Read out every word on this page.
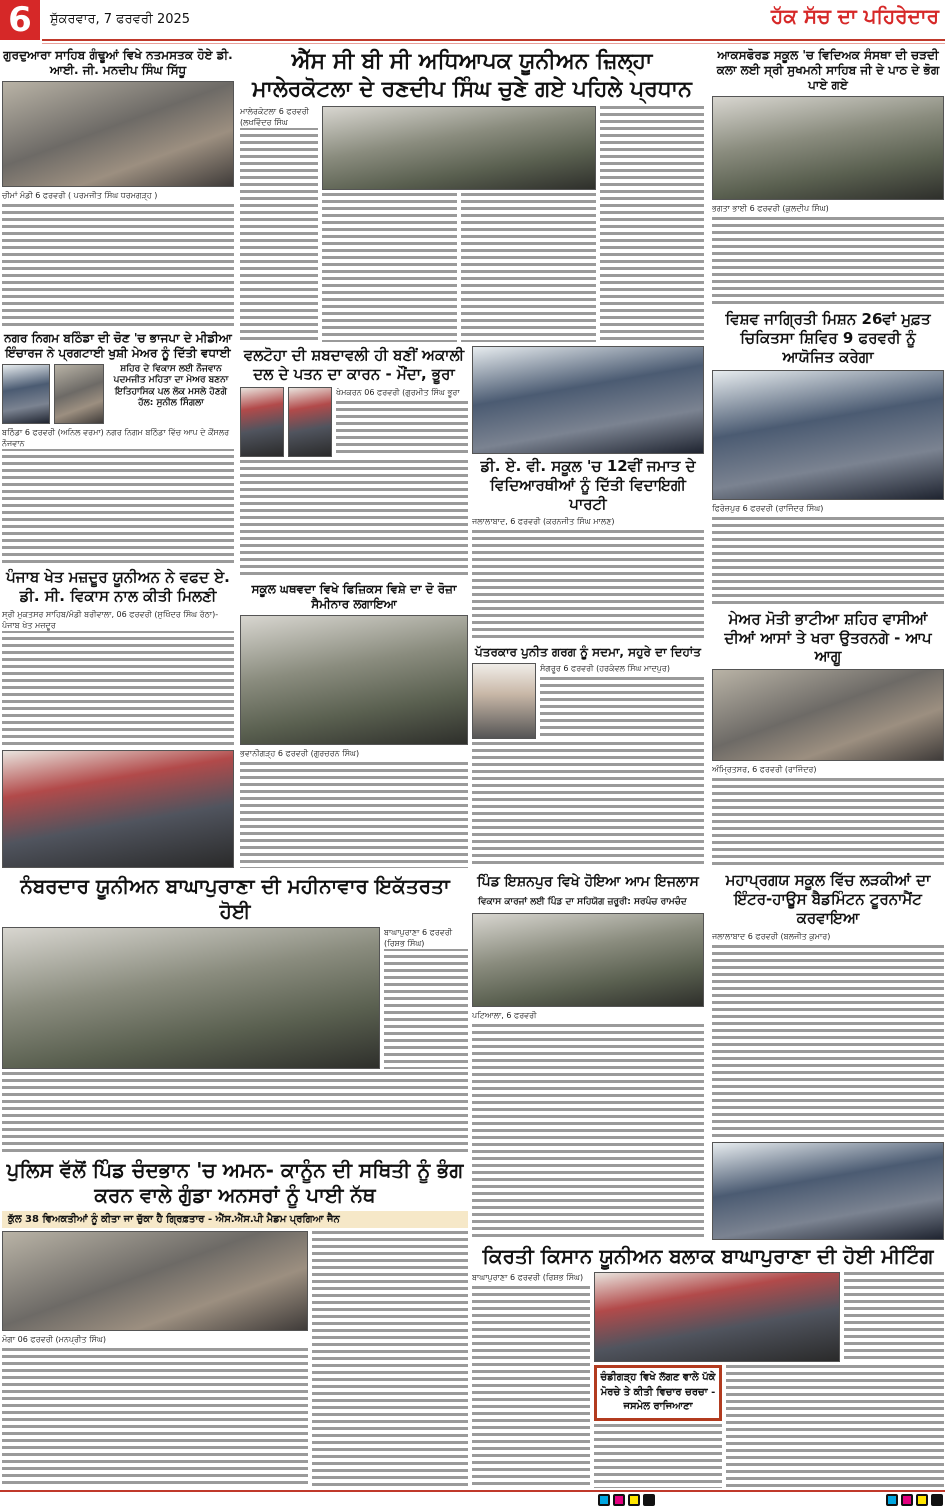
6	ਸ਼ੁੱਕਰਵਾਰ, 7 ਫਰਵਰੀ 2025	ਹੱਕ ਸੱਚ ਦਾ ਪਹਿਰੇਦਾਰ
ਗੁਰਦੁਆਰਾ ਸਾਹਿਬ ਗੰਢੂਆਂ ਵਿਖੇ ਨਤਮਸਤਕ ਹੋਏ ਡੀ. ਆਈ. ਜੀ. ਮਨਦੀਪ ਸਿੰਘ ਸਿੱਧੂ
ਚੀਮਾਂ ਮੰਡੀ 6 ਫਰਵਰੀ ( ਪਰਮਜੀਤ ਸਿੰਘ ਧਰਮਗੜ੍ਹ )
ਨਗਰ ਨਿਗਮ ਬਠਿੰਡਾ ਦੀ ਚੋਣ 'ਚ ਭਾਜਪਾ ਦੇ ਮੀਡੀਆ ਇੰਚਾਰਜ ਨੇ ਪ੍ਰਗਟਾਈ ਖੁਸ਼ੀ ਮੇਅਰ ਨੂੰ ਦਿੱਤੀ ਵਧਾਈ
ਸ਼ਹਿਰ ਦੇ ਵਿਕਾਸ ਲਈ ਨੌਜਵਾਨ ਪਦਮਜੀਤ ਮਹਿਤਾ ਦਾ ਮੇਅਰ ਬਣਨਾ ਇਤਿਹਾਸਿਕ ਪਲ ਲੋਕ ਮਸਲੇ ਹੋਣਗੇ ਹੱਲ: ਸੁਨੀਲ ਸਿੰਗਲਾ
ਬਠਿੰਡਾ 6 ਫਰਵਰੀ (ਅਨਿਲ ਵਰਮਾ) ਨਗਰ ਨਿਗਮ ਬਠਿੰਡਾ ਵਿੱਚ ਆਪ ਦੇ ਕੌਂਸਲਰ ਨੌਜਵਾਨ
ਪੰਜਾਬ ਖੇਤ ਮਜ਼ਦੂਰ ਯੂਨੀਅਨ ਨੇ ਵਫਦ ਏ. ਡੀ. ਸੀ. ਵਿਕਾਸ ਨਾਲ ਕੀਤੀ ਮਿਲਣੀ
ਸ੍ਰੀ ਮੁਕਤਸਰ ਸਾਹਿਬ/ਮੰਡੀ ਬਰੀਵਾਲਾ, 06 ਫਰਵਰੀ (ਸੁਖਿੰਦਰ ਸਿੰਘ ਰੱਠਾ)-ਪੰਜਾਬ ਖੇਤ ਮਜ਼ਦੂਰ
ਐੱਸ ਸੀ ਬੀ ਸੀ ਅਧਿਆਪਕ ਯੂਨੀਅਨ ਜ਼ਿਲ੍ਹਾ ਮਾਲੇਰਕੋਟਲਾ ਦੇ ਰਣਦੀਪ ਸਿੰਘ ਚੁਣੇ ਗਏ ਪਹਿਲੇ ਪ੍ਰਧਾਨ
ਮਾਲੇਰਕੋਟਲਾ 6 ਫਰਵਰੀ (ਲਖਵਿੰਦਰ ਸਿੰਘ
ਵਲਟੋਹਾ ਦੀ ਸ਼ਬਦਾਵਲੀ ਹੀ ਬਣੀਂ ਅਕਾਲੀ ਦਲ ਦੇ ਪਤਨ ਦਾ ਕਾਰਨ - ਮੌਂਦਾ, ਭੂਰਾ
ਖੇਮਕਰਨ 06 ਫਰਵਰੀ (ਗੁਰਮੀਤ ਸਿੰਘ ਭੂਰਾ
ਸਕੂਲ ਘਥਵਦਾ ਵਿਖੇ ਫਿਜ਼ਿਕਸ ਵਿਸ਼ੇ ਦਾ ਦੋ ਰੋਜ਼ਾ ਸੈਮੀਨਾਰ ਲਗਾਇਆ
ਭਵਾਨੀਗੜ੍ਹ 6 ਫਰਵਰੀ (ਗੁਰਚਰਨ ਸਿੰਘ)
ਡੀ. ਏ. ਵੀ. ਸਕੂਲ 'ਚ 12ਵੀਂ ਜਮਾਤ ਦੇ ਵਿਦਿਆਰਥੀਆਂ ਨੂੰ ਦਿੱਤੀ ਵਿਦਾਇਗੀ ਪਾਰਟੀ
ਜਲਾਲਾਬਾਦ, 6 ਫਰਵਰੀ (ਕਰਨਜੀਤ ਸਿੰਘ ਮਾਲਣ)
ਪੱਤਰਕਾਰ ਪੁਨੀਤ ਗਰਗ ਨੂੰ ਸਦਮਾ, ਸਹੁਰੇ ਦਾ ਦਿਹਾਂਤ
ਸੰਗਰੂਰ 6 ਫਰਵਰੀ (ਹਰਕੰਵਲ ਸਿੰਘ ਮਾਦਪੁਰ)
ਆਕਸਫੋਰਡ ਸਕੂਲ 'ਚ ਵਿਦਿਅਕ ਸੰਸਥਾ ਦੀ ਚੜਦੀ ਕਲਾ ਲਈ ਸ੍ਰੀ ਸੁਖਮਨੀ ਸਾਹਿਬ ਜੀ ਦੇ ਪਾਠ ਦੇ ਭੋਗ ਪਾਏ ਗਏ
ਭਗਤਾ ਭਾਈ 6 ਫਰਵਰੀ (ਕੁਲਦੀਪ ਸਿੰਘ)
ਵਿਸ਼ਵ ਜਾਗ੍ਰਿਤੀ ਮਿਸ਼ਨ 26ਵਾਂ ਮੁਫ਼ਤ ਚਿਕਿਤਸਾ ਸ਼ਿਵਿਰ 9 ਫਰਵਰੀ ਨੂੰ ਆਯੋਜਿਤ ਕਰੇਗਾ
ਫਿਰੋਜ਼ਪੁਰ 6 ਫਰਵਰੀ (ਰਾਜਿੰਦਰ ਸਿੰਘ)
ਮੇਅਰ ਮੋਤੀ ਭਾਟੀਆ ਸ਼ਹਿਰ ਵਾਸੀਆਂ ਦੀਆਂ ਆਸਾਂ ਤੇ ਖਰਾ ਉਤਰਨਗੇ - ਆਪ ਆਗੂ
ਅੰਮ੍ਰਿਤਸਰ, 6 ਫਰਵਰੀ (ਰਾਜਿੰਦਰ)
ਮਹਾਪ੍ਰਗਯ ਸਕੂਲ ਵਿੱਚ ਲੜਕੀਆਂ ਦਾ ਇੰਟਰ-ਹਾਊਸ ਬੈਡਮਿੰਟਨ ਟੂਰਨਾਮੈਂਟ ਕਰਵਾਇਆ
ਜਲਾਲਾਬਾਦ 6 ਫਰਵਰੀ (ਬਲਜੀਤ ਕੁਮਾਰ)
ਨੰਬਰਦਾਰ ਯੂਨੀਅਨ ਬਾਘਾਪੁਰਾਣਾ ਦੀ ਮਹੀਨਾਵਾਰ ਇਕੱਤਰਤਾ ਹੋਈ
ਬਾਘਾਪੁਰਾਣਾ 6 ਫਰਵਰੀ (ਰਿਸ਼ਭ ਸਿੰਘ)
ਪਿੰਡ ਇਸ਼ਨਪੁਰ ਵਿਖੇ ਹੋਇਆ ਆਮ ਇਜਲਾਸ
ਵਿਕਾਸ ਕਾਰਜਾਂ ਲਈ ਪਿੰਡ ਦਾ ਸਹਿਯੋਗ ਜ਼ਰੂਰੀ: ਸਰਪੰਚ ਰਾਮਚੰਦ
ਪਟਿਆਲਾ, 6 ਫਰਵਰੀ
ਪੁਲਿਸ ਵੱਲੋਂ ਪਿੰਡ ਚੰਦਭਾਨ 'ਚ ਅਮਨ- ਕਾਨੂੰਨ ਦੀ ਸਥਿਤੀ ਨੂੰ ਭੰਗ ਕਰਨ ਵਾਲੇ ਗੁੰਡਾ ਅਨਸਰਾਂ ਨੂੰ ਪਾਈ ਨੱਥ
ਕੁੱਲ 38 ਵਿਅਕਤੀਆਂ ਨੂੰ ਕੀਤਾ ਜਾ ਚੁੱਕਾ ਹੈ ਗ੍ਰਿਫ਼ਤਾਰ - ਐੱਸ.ਐੱਸ.ਪੀ ਮੈਡਮ ਪ੍ਰਗਿਆ ਜੈਨ
ਮੋਗਾ 06 ਫਰਵਰੀ (ਮਨਪ੍ਰੀਤ ਸਿੰਘ)
ਕਿਰਤੀ ਕਿਸਾਨ ਯੂਨੀਅਨ ਬਲਾਕ ਬਾਘਾਪੁਰਾਣਾ ਦੀ ਹੋਈ ਮੀਟਿੰਗ
ਬਾਘਾਪੁਰਾਣਾ 6 ਫਰਵਰੀ (ਰਿਸ਼ਭ ਸਿੰਘ)
ਚੰਡੀਗੜ੍ਹ ਵਿਖੇ ਲੱਗਣ ਵਾਲੇ ਪੱਕੇ ਮੋਰਚੇ ਤੇ ਕੀਤੀ ਵਿਚਾਰ ਚਰਚਾ - ਜਸਮੇਲ ਰਾਜਿਆਣਾ
